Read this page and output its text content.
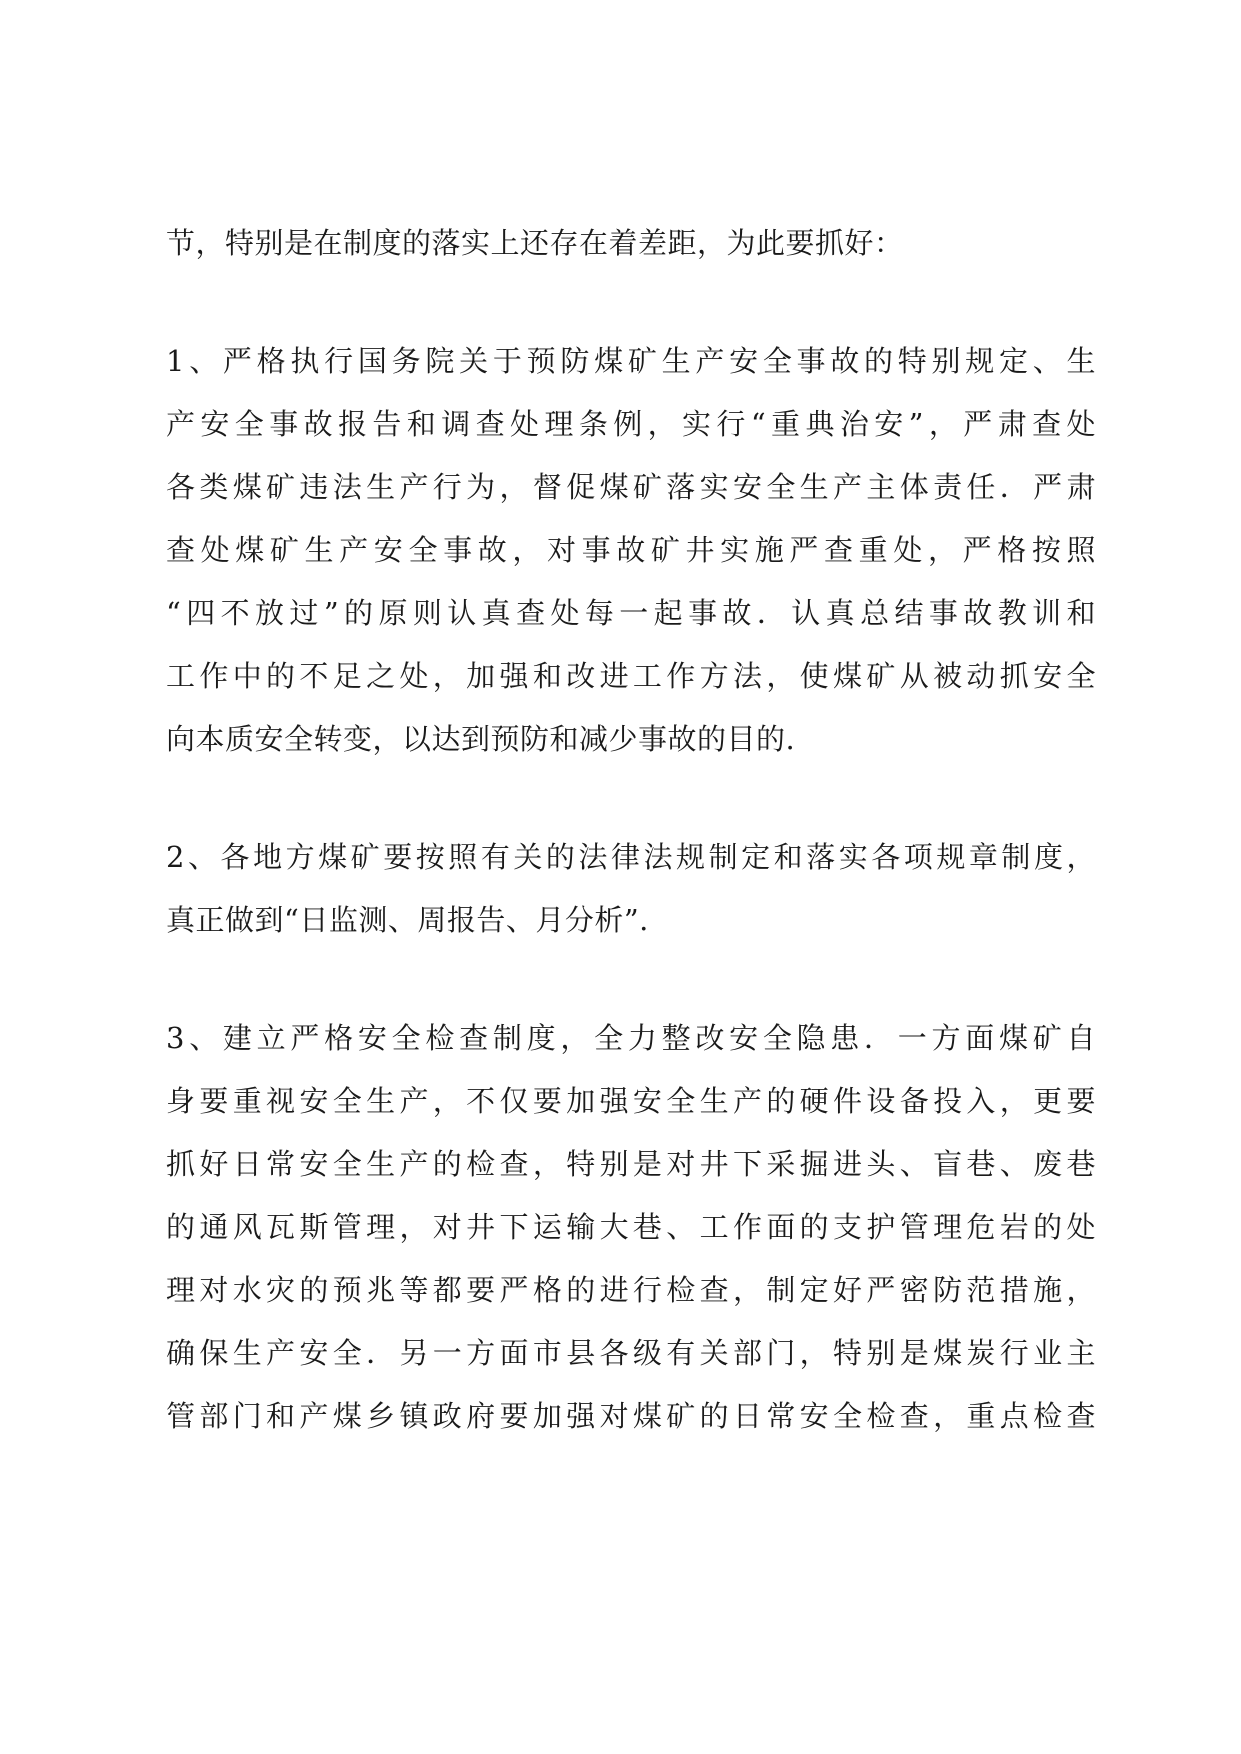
节，特别是在制度的落实上还存在着差距，为此要抓好：
1、严格执行国务院关于预防煤矿生产安全事故的特别规定、生
产安全事故报告和调查处理条例，实行“重典治安”，严肃查处
各类煤矿违法生产行为，督促煤矿落实安全生产主体责任．严肃
查处煤矿生产安全事故，对事故矿井实施严查重处，严格按照
“四不放过”的原则认真查处每一起事故．认真总结事故教训和
工作中的不足之处，加强和改进工作方法，使煤矿从被动抓安全
向本质安全转变，以达到预防和减少事故的目的.
2、各地方煤矿要按照有关的法律法规制定和落实各项规章制度，
真正做到“日监测、周报告、月分析”.
3、建立严格安全检查制度，全力整改安全隐患．一方面煤矿自
身要重视安全生产，不仅要加强安全生产的硬件设备投入，更要
抓好日常安全生产的检查，特别是对井下采掘进头、盲巷、废巷
的通风瓦斯管理，对井下运输大巷、工作面的支护管理危岩的处
理对水灾的预兆等都要严格的进行检查，制定好严密防范措施，
确保生产安全．另一方面市县各级有关部门，特别是煤炭行业主
管部门和产煤乡镇政府要加强对煤矿的日常安全检查，重点检查
